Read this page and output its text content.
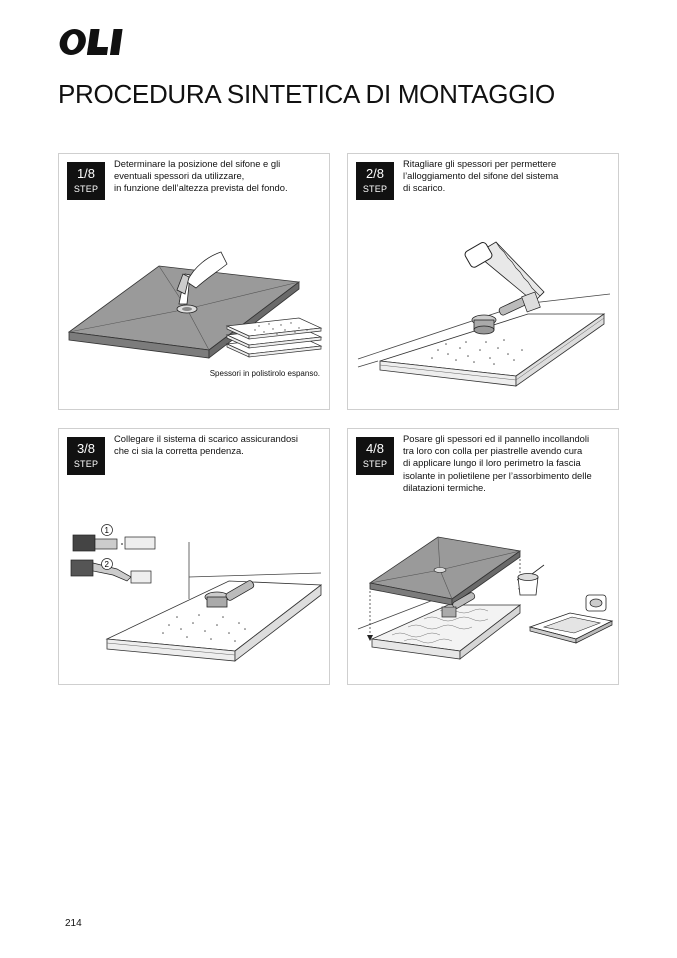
PROCEDURA SINTETICA DI MONTAGGIO
1/8
STEP

Determinare la posizione del sifone e gli
eventuali spessori da utilizzare,
in funzione dell’altezza prevista del fondo.

Spessori in polistirolo espanso.
2/8
STEP

Ritagliare gli spessori per permettere
l’alloggiamento del sifone del sistema
di scarico.

1
2
3/8
STEP

Collegare il sistema di scarico assicurandosi
che ci sia la corretta pendenza.	4/8
STEP

Posare gli spessori ed il pannello incollandoli
tra loro con colla per piastrelle avendo cura
di applicare lungo il loro perimetro la fascia
isolante in polietilene per l’assorbimento delle
dilatazioni termiche.

214
